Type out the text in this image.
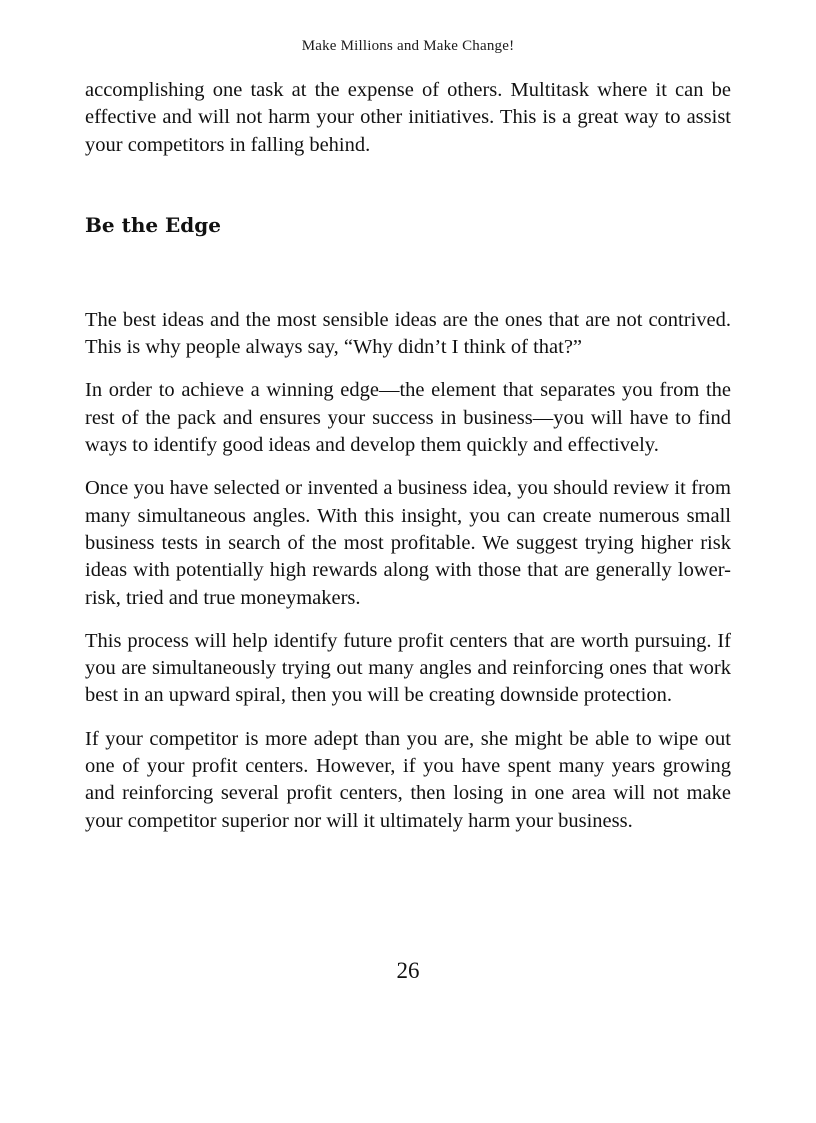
Make Millions and Make Change!

accomplishing one task at the expense of others. Multitask where it can be effective and will not harm your other initiatives. This is a great way to assist your competitors in falling behind.

Be the Edge

The best ideas and the most sensible ideas are the ones that are not contrived. This is why people always say, “Why didn’t I think of that?”

In order to achieve a winning edge—the element that separates you from the rest of the pack and ensures your success in business—you will have to find ways to identify good ideas and develop them quickly and effectively.

Once you have selected or invented a business idea, you should review it from many simultaneous angles. With this insight, you can create numerous small business tests in search of the most profitable. We suggest trying higher risk ideas with potentially high rewards along with those that are generally lower-risk, tried and true moneymakers.

This process will help identify future profit centers that are worth pursuing. If you are simultaneously trying out many angles and reinforcing ones that work best in an upward spiral, then you will be creating downside protection.

If your competitor is more adept than you are, she might be able to wipe out one of your profit centers. However, if you have spent many years growing and reinforcing several profit centers, then losing in one area will not make your competitor superior nor will it ultimately harm your business.

26
